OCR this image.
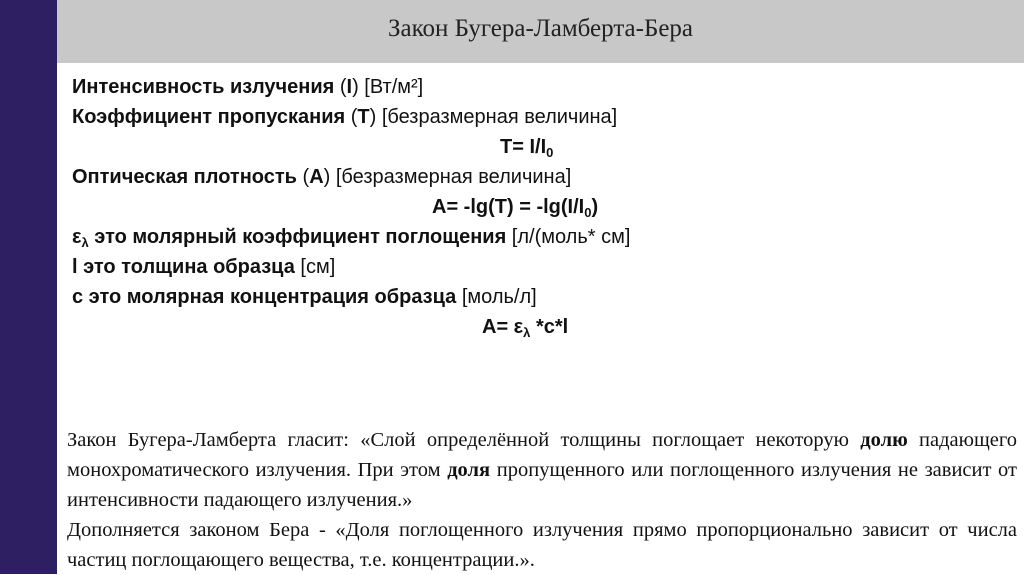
Закон Бугера-Ламберта-Бера
Интенсивность излучения (I) [Вт/м²]
Коэффициент пропускания (T) [безразмерная величина]
$T= I/I_0$
Оптическая плотность (A) [безразмерная величина]
$A= -\lg(T) = -\lg(I/I_0)$
$\varepsilon_\lambda$ это молярный коэффициент поглощения [л/(моль* см]
l это толщина образца [см]
c это молярная концентрация образца [моль/л]
$A= \varepsilon_\lambda$ *c*l

Закон Бугера-Ламберта гласит: «Слой определённой толщины поглощает некоторую долю падающего монохроматического излучения. При этом доля пропущенного или поглощенного излучения не зависит от интенсивности падающего излучения.»

Дополняется законом Бера - «Доля поглощенного излучения прямо пропорционально зависит от числа частиц поглощающего вещества, т.е. концентрации.».
